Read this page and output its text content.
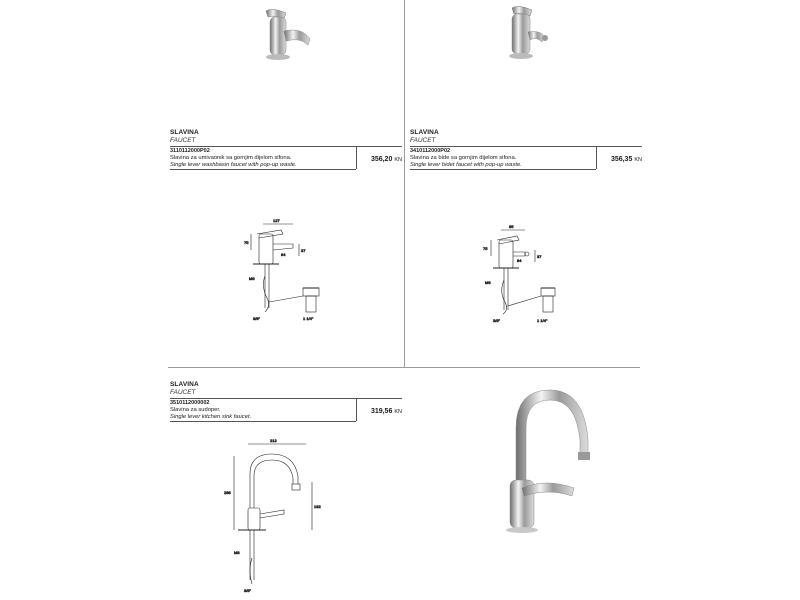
SLAVINA
FAUCET
3110112000P02
Slavina za umivaonik sa gornjim dijelom sifona.
Single lever washbasin faucet with pop-up waste.
356,20 KN
SLAVINA
FAUCET
3410112000P02
Slavina za bide sa gornjim dijelom sifona.
Single lever bidet faucet with pop-up waste.
356,35 KN
127
75
84
37
M6
3/8"	1 1/4"
95
75
84
37
M6
3/8"	1 1/4"
SLAVINA
FAUCET
3510112000002
Slavina za sudoper.
Single lever kitchen sink faucet.
319,56 KN
212
298
192
M8
3/8"
